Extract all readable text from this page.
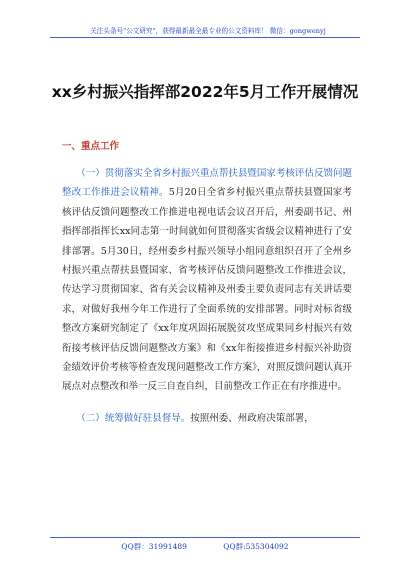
关注头条号"公文研究"，获得最新最全最专业的公文资料库！ 微信：gongwenyj
xx乡村振兴指挥部2022年5月工作开展情况
一、重点工作

　　（一）贯彻落实全省乡村振兴重点帮扶县暨国家考核评估反馈问题整改工作推进会议精神。5月20日全省乡村振兴重点帮扶县暨国家考核评估反馈问题整改工作推进电视电话会议召开后，州委副书记、州指挥部指挥长xx同志第一时间就如何贯彻落实省级会议精神进行了安排部署。5月30日，经州委乡村振兴领导小组同意组织召开了全州乡村振兴重点帮扶县暨国家、省考核评估反馈问题整改工作推进会议，传达学习贯彻国家、省有关会议精神及州委主要负责同志有关讲话要求，对做好我州今年工作进行了全面系统的安排部署。同时对标省级整改方案研究制定了《xx年度巩固拓展脱贫攻坚成果同乡村振兴有效衔接考核评估反馈问题整改方案》和《xx年衔接推进乡村振兴补助资金绩效评价考核等检查发现问题整改工作方案》，对照反馈问题认真开展点对点整改和举一反三自查自纠，目前整改工作正在有序推进中。

　　（二）统筹做好驻县督导。按照州委、州政府决策部署，

QQ群：31991489	QQ群:535304092
